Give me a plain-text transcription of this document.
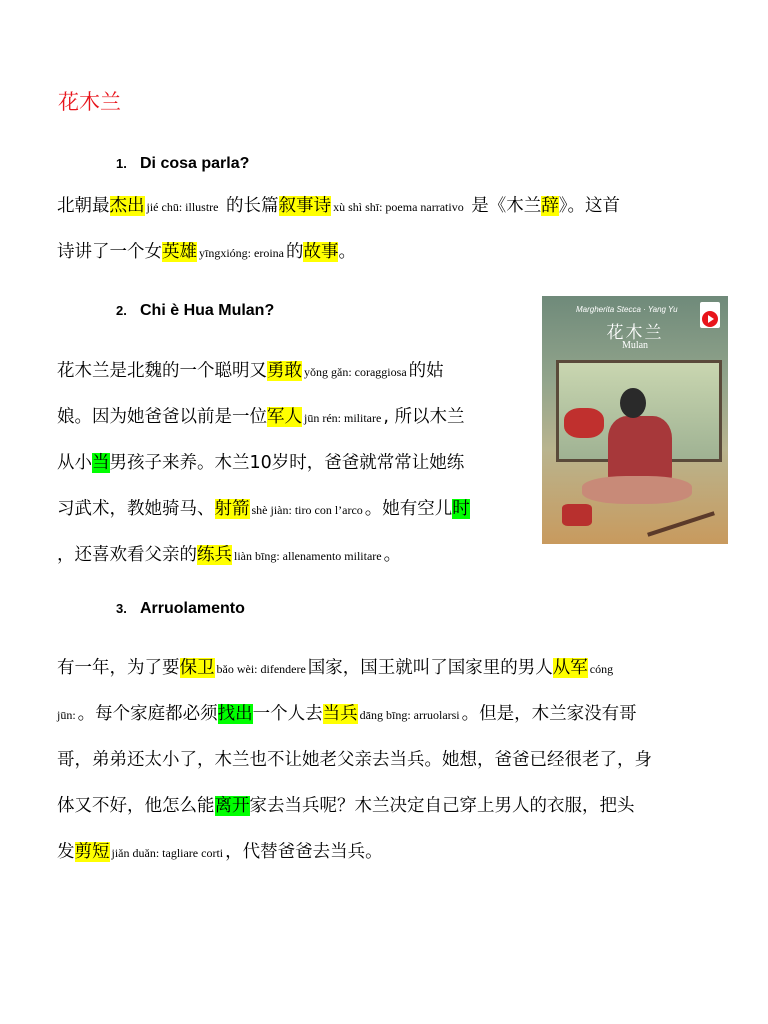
花木兰
1. Di cosa parla?
北朝最杰出 jié chū: illustre 的长篇叙事诗 xù shì shī: poema narrativo 是《木兰辞》。这首
诗讲了一个女英雄 yīngxióng: eroina 的故事。
2. Chi è Hua Mulan?
花木兰是北魏的一个聪明又勇敢 yǒng gǎn: coraggiosa 的姑
娘。因为她爸爸以前是一位军人 jūn rén: militare , 所以木兰
从小当男孩子来养。木兰10岁时，爸爸就常常让她练
习武术，教她骑马、射箭 shè jiàn: tiro con l’arco 。她有空儿时
，还喜欢看父亲的练兵 liàn bīng: allenamento militare 。
Margherita Stecca · Yang Yu
花木兰
Mulan
3. Arruolamento
有一年，为了要保卫 bǎo wèi: difendere 国家，国王就叫了国家里的男人从军 cóng
jūn: 。每个家庭都必须找出一个人去当兵 dāng bīng: arruolarsi 。但是，木兰家没有哥
哥，弟弟还太小了，木兰也不让她老父亲去当兵。她想，爸爸已经很老了，身
体又不好，他怎么能离开家去当兵呢？木兰决定自己穿上男人的衣服，把头
发剪短 jiǎn duǎn: tagliare corti ，代替爸爸去当兵。
